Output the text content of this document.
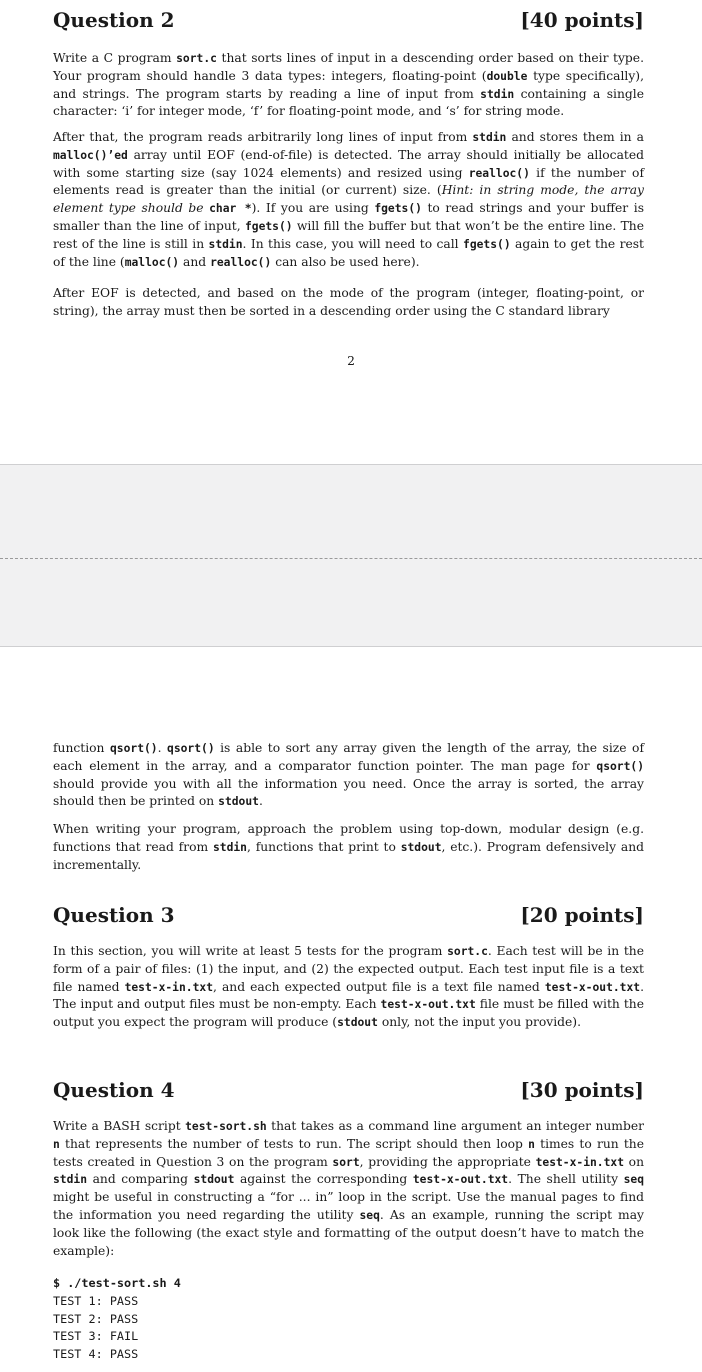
Question 2	[40 points]

Write a C program sort.c that sorts lines of input in a descending order based on their type. Your program should handle 3 data types: integers, floating-point (double type specifically), and strings. The program starts by reading a line of input from stdin containing a single character: ‘i’ for integer mode, ‘f’ for floating-point mode, and ‘s’ for string mode.

After that, the program reads arbitrarily long lines of input from stdin and stores them in a malloc()’ed array until EOF (end-of-file) is detected. The array should initially be allocated with some starting size (say 1024 elements) and resized using realloc() if the number of elements read is greater than the initial (or current) size. (Hint: in string mode, the array element type should be char *). If you are using fgets() to read strings and your buffer is smaller than the line of input, fgets() will fill the buffer but that won’t be the entire line. The rest of the line is still in stdin. In this case, you will need to call fgets() again to get the rest of the line (malloc() and realloc() can also be used here).

After EOF is detected, and based on the mode of the program (integer, floating-point, or string), the array must then be sorted in a descending order using the C standard library

2

function qsort(). qsort() is able to sort any array given the length of the array, the size of each element in the array, and a comparator function pointer. The man page for qsort() should provide you with all the information you need. Once the array is sorted, the array should then be printed on stdout.

When writing your program, approach the problem using top-down, modular design (e.g. functions that read from stdin, functions that print to stdout, etc.). Program defensively and incrementally.

Question 3	[20 points]

In this section, you will write at least 5 tests for the program sort.c. Each test will be in the form of a pair of files: (1) the input, and (2) the expected output. Each test input file is a text file named test-x-in.txt, and each expected output file is a text file named test-x-out.txt. The input and output files must be non-empty. Each test-x-out.txt file must be filled with the output you expect the program will produce (stdout only, not the input you provide).

Question 4	[30 points]

Write a BASH script test-sort.sh that takes as a command line argument an integer number n that represents the number of tests to run. The script should then loop n times to run the tests created in Question 3 on the program sort, providing the appropriate test-x-in.txt on stdin and comparing stdout against the corresponding test-x-out.txt. The shell utility seq might be useful in constructing a “for ... in” loop in the script. Use the manual pages to find the information you need regarding the utility seq. As an example, running the script may look like the following (the exact style and formatting of the output doesn’t have to match the example):

$ ./test-sort.sh 4
TEST 1: PASS
TEST 2: PASS
TEST 3: FAIL
TEST 4: PASS
